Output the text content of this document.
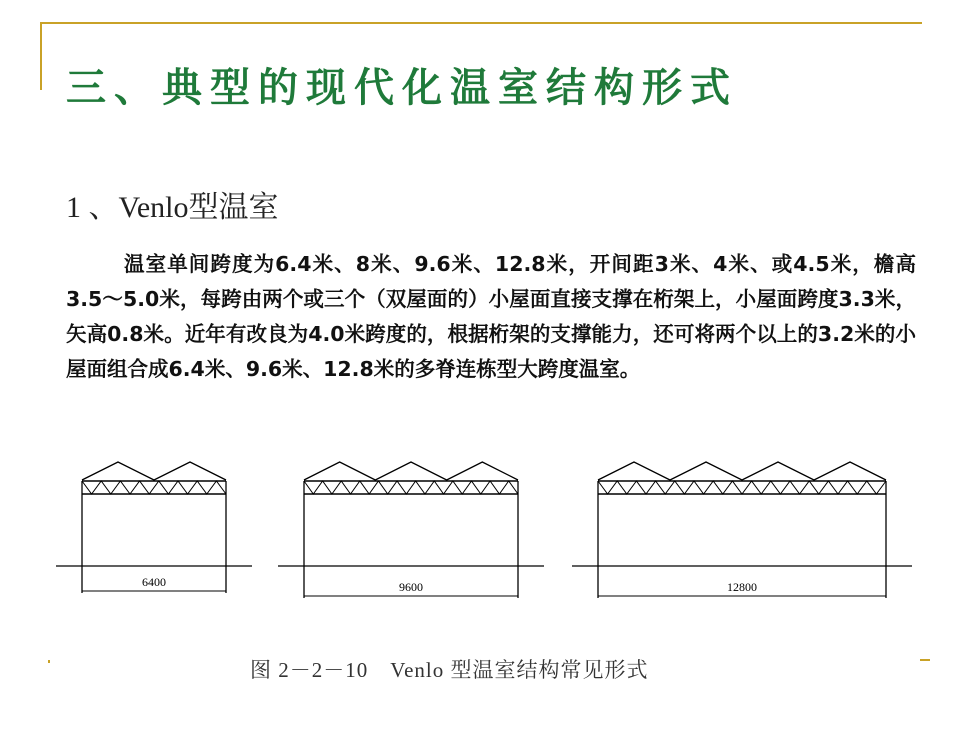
三、典型的现代化温室结构形式
1 、Venlo型温室
温室单间跨度为6.4米、8米、9.6米、12.8米，开间距3米、4米、或4.5米，檐高3.5～5.0米，每跨由两个或三个（双屋面的）小屋面直接支撑在桁架上，小屋面跨度3.3米，矢高0.8米。近年有改良为4.0米跨度的，根据桁架的支撑能力，还可将两个以上的3.2米的小屋面组合成6.4米、9.6米、12.8米的多脊连栋型大跨度温室。
6400	9600	12800
图 2－2－10　Venlo 型温室结构常见形式
